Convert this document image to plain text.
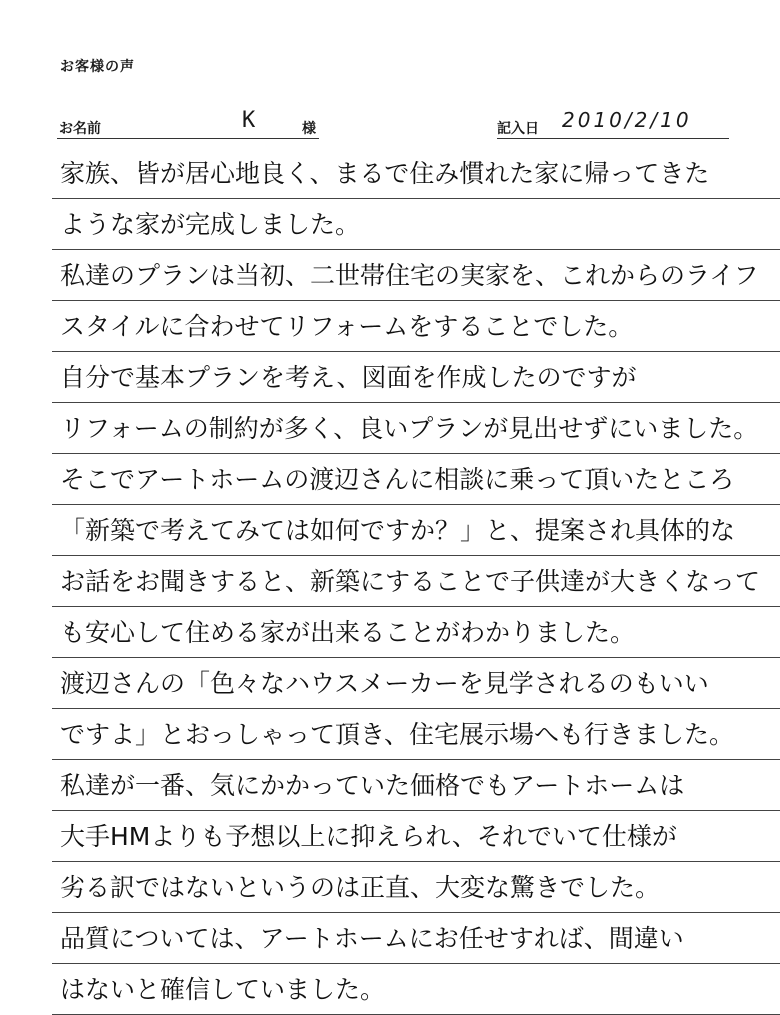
お客様の声
お名前	K	様	記入日 2010/2/10
家族、皆が居心地良く、まるで住み慣れた家に帰ってきた
ような家が完成しました。
私達のプランは当初、二世帯住宅の実家を、これからのライフ
スタイルに合わせてリフォームをすることでした。
自分で基本プランを考え、図面を作成したのですが
リフォームの制約が多く、良いプランが見出せずにいました。
そこでアートホームの渡辺さんに相談に乗って頂いたところ
「新築で考えてみては如何ですか？」と、提案され具体的な
お話をお聞きすると、新築にすることで子供達が大きくなって
も安心して住める家が出来ることがわかりました。
渡辺さんの「色々なハウスメーカーを見学されるのもいい
ですよ」とおっしゃって頂き、住宅展示場へも行きました。
私達が一番、気にかかっていた価格でもアートホームは
大手HMよりも予想以上に抑えられ、それでいて仕様が
劣る訳ではないというのは正直、大変な驚きでした。
品質については、アートホームにお任せすれば、間違い
はないと確信していました。
